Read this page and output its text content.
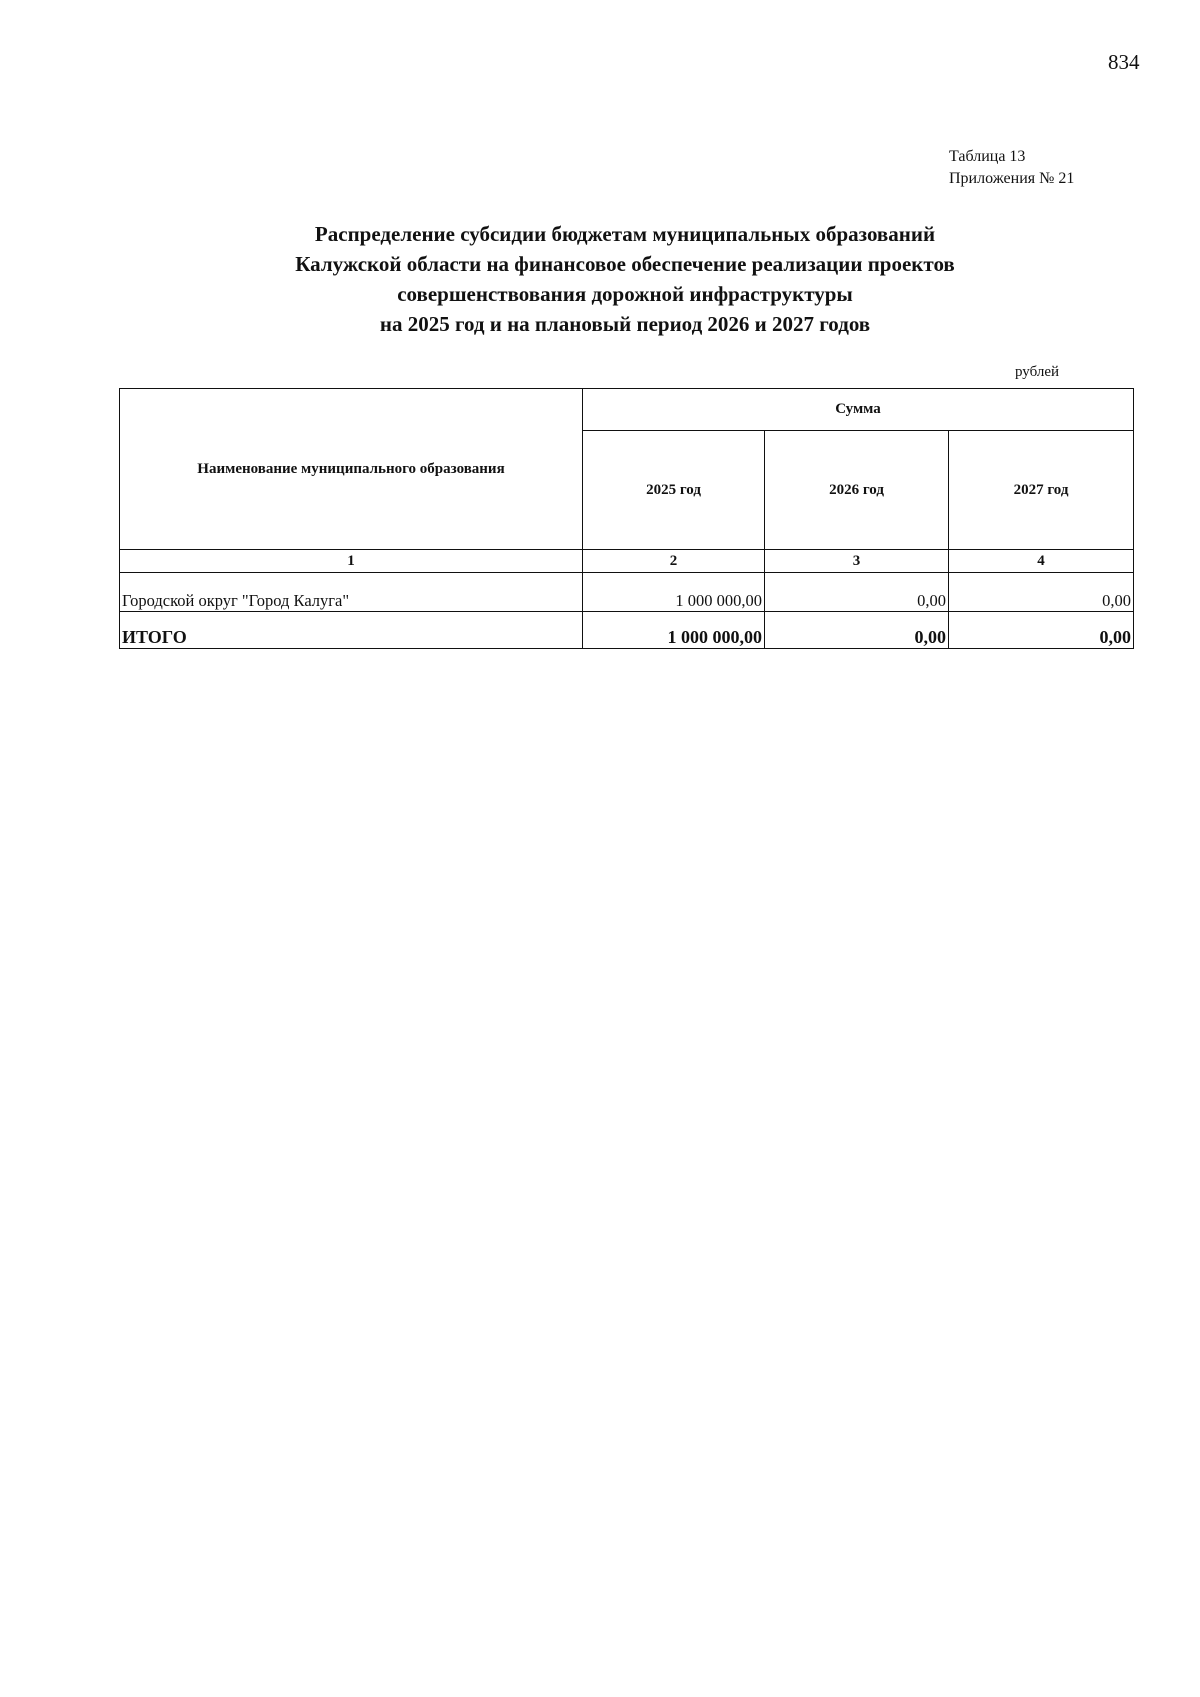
834
Таблица 13
Приложения № 21
Распределение субсидии бюджетам муниципальных образований
Калужской области на финансовое обеспечение реализации проектов
совершенствования дорожной инфраструктуры
на 2025 год и на плановый период 2026 и 2027 годов
рублей
Наименование муниципального образования	Сумма		
	2025 год	2026 год	2027 год
1	2	3	4
Городской округ "Город Калуга"	1 000 000,00	0,00	0,00
ИТОГО	1 000 000,00	0,00	0,00
